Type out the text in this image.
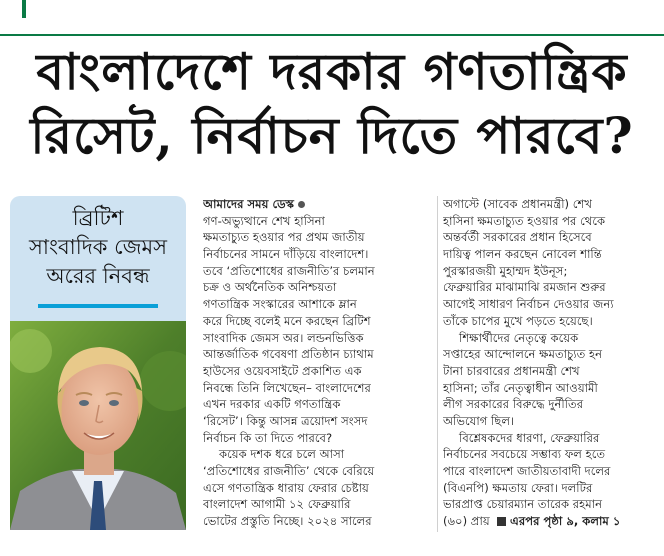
বাংলাদেশে দরকার গণতান্ত্রিক
রিসেট, নির্বাচন দিতে পারবে?
ব্রিটিশ
সাংবাদিক জেমস
অরের নিবন্ধ
আমাদের সময় ডেস্ক
গণ-অভ্যুত্থানে শেখ হাসিনা
ক্ষমতাচ্যুত হওয়ার পর প্রথম জাতীয়
নির্বাচনের সামনে দাঁড়িয়ে বাংলাদেশ।
তবে ‘প্রতিশোধের রাজনীতি’র চলমান
চক্র ও অর্থনৈতিক অনিশ্চয়তা
গণতান্ত্রিক সংস্কারের আশাকে ম্লান
করে দিচ্ছে বলেই মনে করছেন ব্রিটিশ
সাংবাদিক জেমস অর। লন্ডনভিত্তিক
আন্তর্জাতিক গবেষণা প্রতিষ্ঠান চ্যাথাম
হাউসের ওয়েবসাইটে প্রকাশিত এক
নিবন্ধে তিনি লিখেছেন– বাংলাদেশের
এখন দরকার একটি গণতান্ত্রিক
‘রিসেট’। কিন্তু আসন্ন ত্রয়োদশ সংসদ
নির্বাচন কি তা দিতে পারবে?
কয়েক দশক ধরে চলে আসা
‘প্রতিশোধের রাজনীতি’ থেকে বেরিয়ে
এসে গণতান্ত্রিক ধারায় ফেরার চেষ্টায়
বাংলাদেশ আগামী ১২ ফেব্রুয়ারি
ভোটের প্রস্তুতি নিচ্ছে। ২০২৪ সালের
অগাস্টে (সাবেক প্রধানমন্ত্রী) শেখ
হাসিনা ক্ষমতাচ্যুত হওয়ার পর থেকে
অন্তর্বর্তী সরকারের প্রধান হিসেবে
দায়িত্ব পালন করছেন নোবেল শান্তি
পুরস্কারজয়ী মুহাম্মদ ইউনূস;
ফেব্রুয়ারির মাঝামাঝি রমজান শুরুর
আগেই সাধারণ নির্বাচন দেওয়ার জন্য
তাঁকে চাপের মুখে পড়তে হয়েছে।
শিক্ষার্থীদের নেতৃত্বে কয়েক
সপ্তাহের আন্দোলনে ক্ষমতাচ্যুত হন
টানা চারবারের প্রধানমন্ত্রী শেখ
হাসিনা; তাঁর নেতৃত্বাধীন আওয়ামী
লীগ সরকারের বিরুদ্ধে দুর্নীতির
অভিযোগ ছিল।
বিশ্লেষকদের ধারণা, ফেব্রুয়ারির
নির্বাচনের সবচেয়ে সম্ভাব্য ফল হতে
পারে বাংলাদেশ জাতীয়তাবাদী দলের
(বিএনপি) ক্ষমতায় ফেরা। দলটির
ভারপ্রাপ্ত চেয়ারম্যান তারেক রহমান
(৬০) প্রায় এরপর পৃষ্ঠা ৯, কলাম ১
